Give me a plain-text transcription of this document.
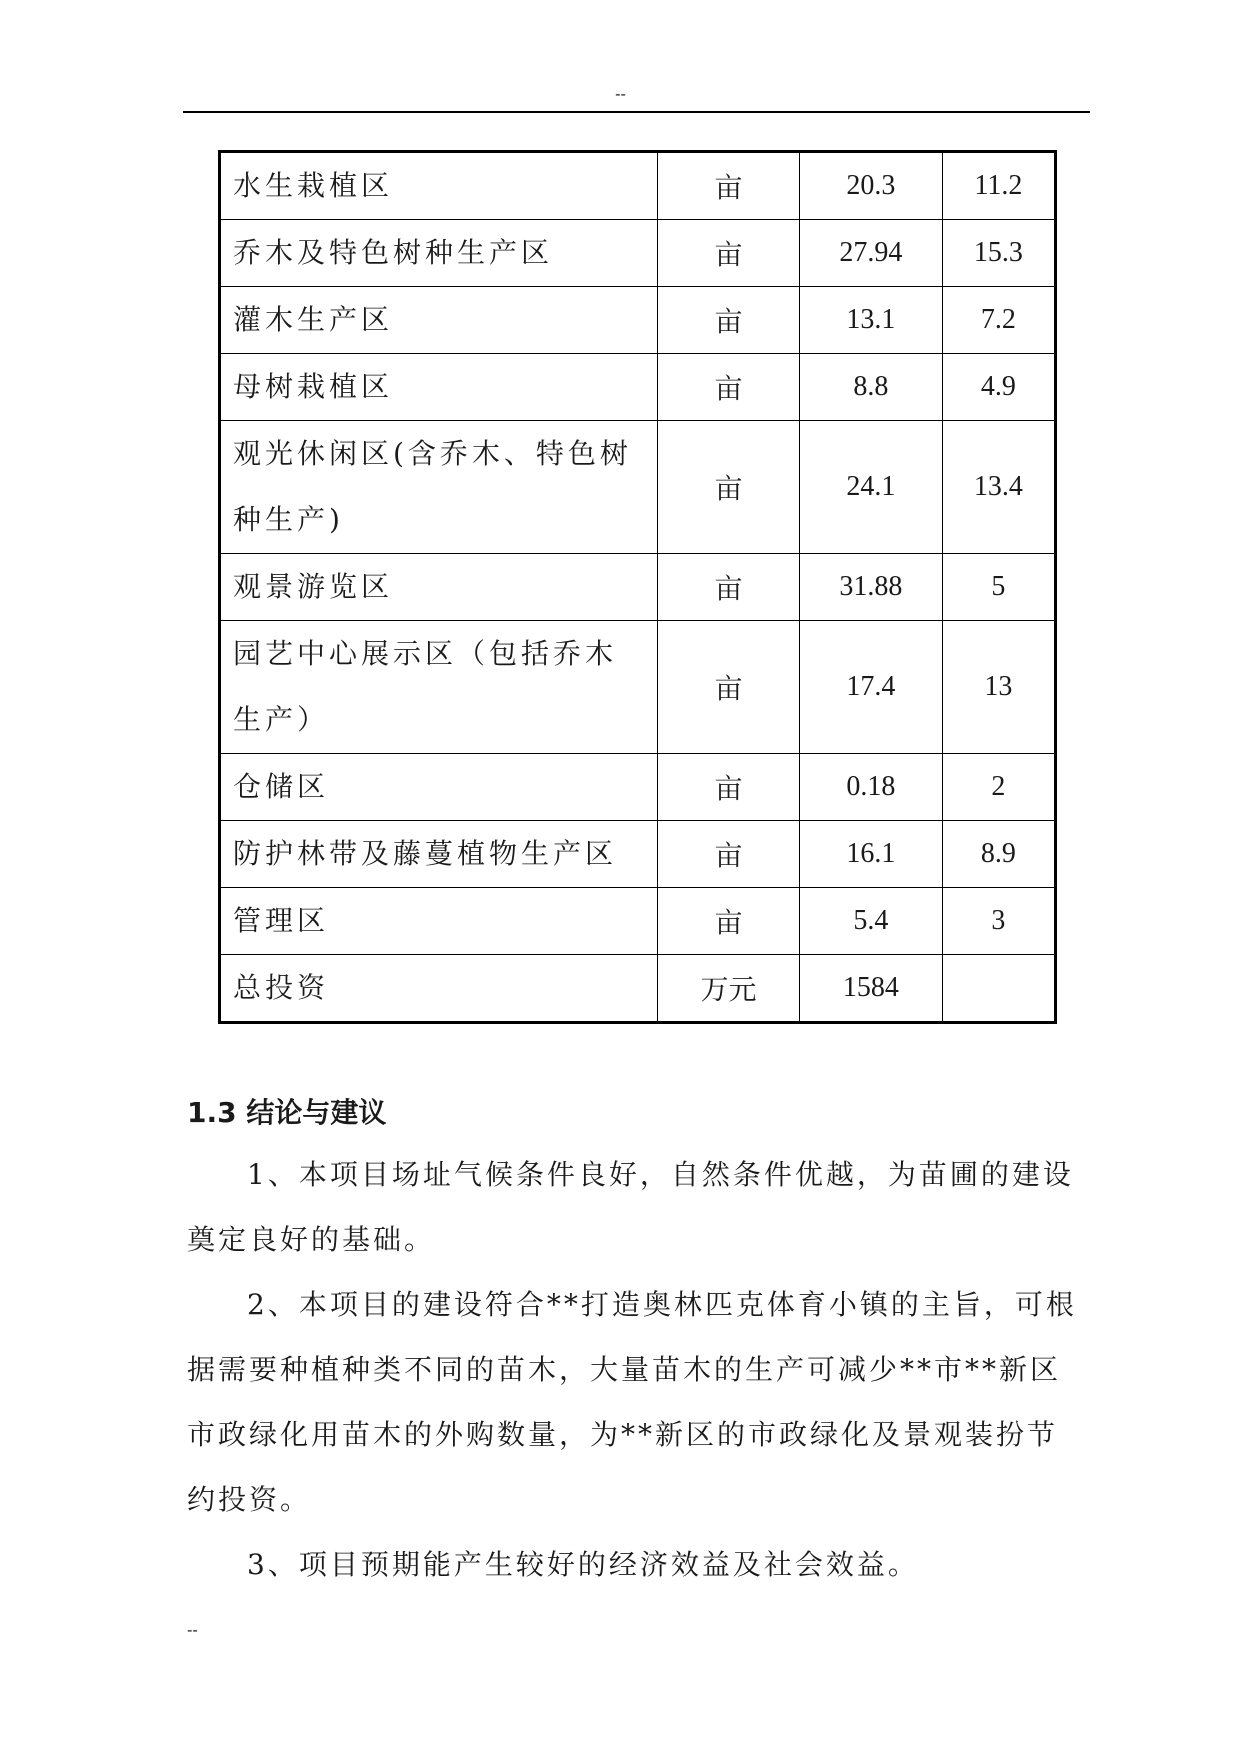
--
水生栽植区	亩	20.3	11.2
乔木及特色树种生产区	亩	27.94	15.3
灌木生产区	亩	13.1	7.2
母树栽植区	亩	8.8	4.9
观光休闲区(含乔木、特色树种生产)	亩	24.1	13.4
观景游览区	亩	31.88	5
园艺中心展示区（包括乔木生产）	亩	17.4	13
仓储区	亩	0.18	2
防护林带及藤蔓植物生产区	亩	16.1	8.9
管理区	亩	5.4	3
总投资	万元	1584	
1.3 结论与建议

1、本项目场址气候条件良好，自然条件优越，为苗圃的建设奠定良好的基础。

2、本项目的建设符合**打造奥林匹克体育小镇的主旨，可根据需要种植种类不同的苗木，大量苗木的生产可减少**市**新区市政绿化用苗木的外购数量，为**新区的市政绿化及景观装扮节约投资。

3、项目预期能产生较好的经济效益及社会效益。

--
